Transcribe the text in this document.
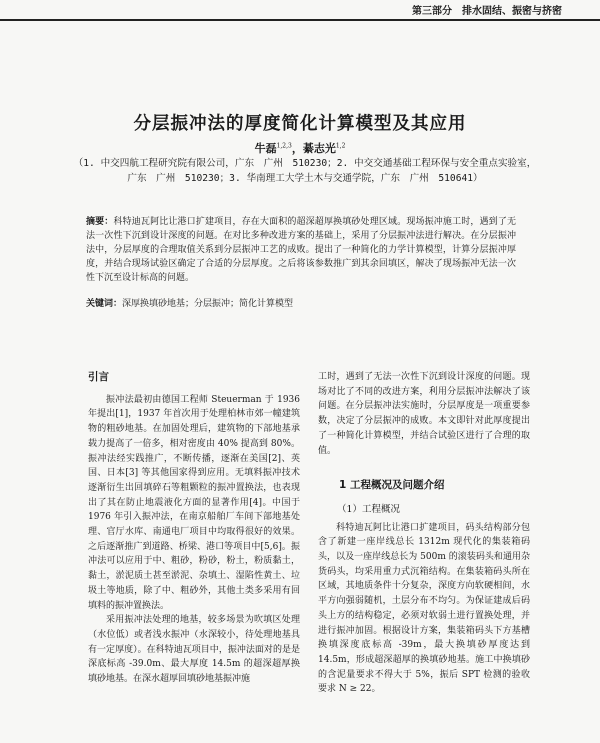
第三部分　排水固结、振密与挤密
分层振冲法的厚度简化计算模型及其应用
牛磊$^{1,2,3}$，綦志光$^{1,2}$
（1. 中交四航工程研究院有限公司，广东　广州　510230；2. 中交交通基础工程环保与安全重点实验室，广东　广州　510230；3. 华南理工大学土木与交通学院，广东　广州　510641）
摘要：科特迪瓦阿比让港口扩建项目，存在大面积的超深超厚换填砂处理区域。现场振冲施工时，遇到了无法一次性下沉到设计深度的问题。在对比多种改进方案的基础上，采用了分层振冲法进行解决。在分层振冲法中，分层厚度的合理取值关系到分层振冲工艺的成败。提出了一种简化的力学计算模型，计算分层振冲厚度，并结合现场试验区确定了合适的分层厚度。之后将该参数推广到其余回填区，解决了现场振冲无法一次性下沉至设计标高的问题。
关键词：深厚换填砂地基；分层振冲；简化计算模型
引言

振冲法最初由德国工程师 Steuerman 于 1936 年提出[1]，1937 年首次用于处理柏林市郊一幢建筑物的粗砂地基。在加固处理后，建筑物的下部地基承载力提高了一倍多，相对密度由 40% 提高到 80%。振冲法经实践推广，不断传播，逐渐在美国[2]、英国、日本[3] 等其他国家得到应用。无填料振冲技术逐渐衍生出回填碎石等粗颗粒的振冲置换法，也表现出了其在防止地震液化方面的显著作用[4]。中国于 1976 年引入振冲法，在南京船舶厂车间下部地基处理、官厅水库、南通电厂项目中均取得很好的效果。之后逐渐推广到道路、桥梁、港口等项目中[5,6]。振冲法可以应用于中、粗砂，粉砂，粉土，粉质黏土，黏土，淤泥质土甚至淤泥、杂填土、湿陷性黄土、垃圾土等地质，除了中、粗砂外，其他土类多采用有回填料的振冲置换法。

采用振冲法处理的地基，较多场景为吹填区处理（水位低）或者浅水振冲（水深较小，待处理地基具有一定厚度）。在科特迪瓦项目中，振冲法面对的是是深底标高 -39.0m、最大厚度 14.5m 的超深超厚换填砂地基。在深水超厚回填砂地基振冲施

工时，遇到了无法一次性下沉到设计深度的问题。现场对比了不同的改进方案，利用分层振冲法解决了该问题。在分层振冲法实施时，分层厚度是一项重要参数，决定了分层振冲的成败。本文即针对此厚度提出了一种简化计算模型，并结合试验区进行了合理的取值。

1 工程概况及问题介绍
（1）工程概况

科特迪瓦阿比让港口扩建项目，码头结构部分包含了新建一座岸线总长 1312m 现代化的集装箱码头，以及一座岸线总长为 500m 的滚装码头和通用杂货码头，均采用重力式沉箱结构。在集装箱码头所在区域，其地质条件十分复杂，深度方向软硬相间，水平方向强弱随机，土层分布不均匀。为保证建成后码头上方的结构稳定，必须对软弱土进行置换处理，并进行振冲加固。根据设计方案，集装箱码头下方基槽换填深度底标高 -39m，最大换填砂厚度达到 14.5m，形成超深超厚的换填砂地基。施工中换填砂的含泥量要求不得大于 5%，振后 SPT 检测的验收要求 N ≥ 22。
